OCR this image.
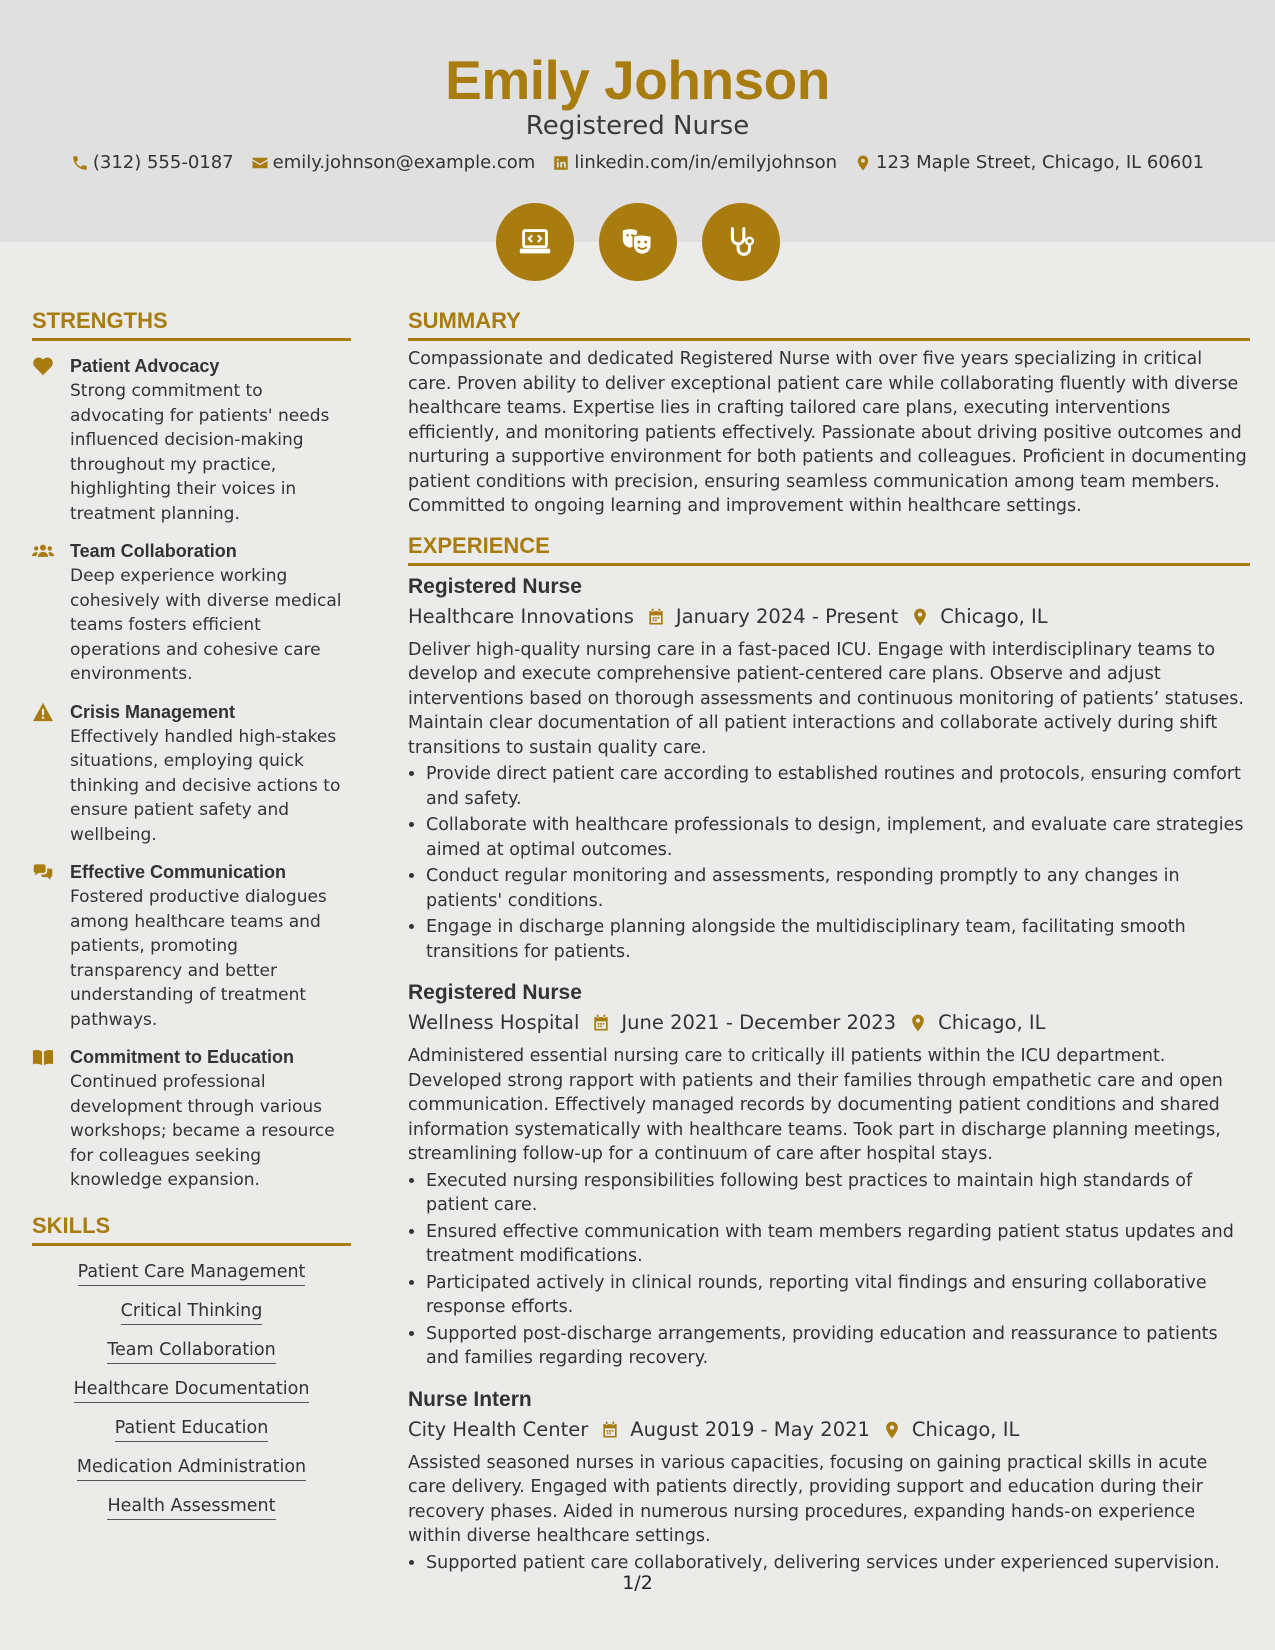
Emily Johnson
Registered Nurse
(312) 555-0187 emily.johnson@example.com linkedin.com/in/emilyjohnson 123 Maple Street, Chicago, IL 60601
STRENGTHS
Patient Advocacy
Strong commitment to advocating for patients' needs influenced decision-making throughout my practice, highlighting their voices in treatment planning.
Team Collaboration
Deep experience working cohesively with diverse medical teams fosters efficient operations and cohesive care environments.
Crisis Management
Effectively handled high-stakes situations, employing quick thinking and decisive actions to ensure patient safety and wellbeing.
Effective Communication
Fostered productive dialogues among healthcare teams and patients, promoting transparency and better understanding of treatment pathways.
Commitment to Education
Continued professional development through various workshops; became a resource for colleagues seeking knowledge expansion.
SKILLS
Patient Care Management
Critical Thinking
Team Collaboration
Healthcare Documentation
Patient Education
Medication Administration
Health Assessment
SUMMARY
Compassionate and dedicated Registered Nurse with over five years specializing in critical care. Proven ability to deliver exceptional patient care while collaborating fluently with diverse healthcare teams. Expertise lies in crafting tailored care plans, executing interventions efficiently, and monitoring patients effectively. Passionate about driving positive outcomes and nurturing a supportive environment for both patients and colleagues. Proficient in documenting patient conditions with precision, ensuring seamless communication among team members. Committed to ongoing learning and improvement within healthcare settings.
EXPERIENCE
Registered Nurse
Healthcare Innovations January 2024 - Present Chicago, IL
Deliver high-quality nursing care in a fast-paced ICU. Engage with interdisciplinary teams to develop and execute comprehensive patient-centered care plans. Observe and adjust interventions based on thorough assessments and continuous monitoring of patients’ statuses. Maintain clear documentation of all patient interactions and collaborate actively during shift transitions to sustain quality care.
• Provide direct patient care according to established routines and protocols, ensuring comfort and safety.
• Collaborate with healthcare professionals to design, implement, and evaluate care strategies aimed at optimal outcomes.
• Conduct regular monitoring and assessments, responding promptly to any changes in patients' conditions.
• Engage in discharge planning alongside the multidisciplinary team, facilitating smooth transitions for patients.
Registered Nurse
Wellness Hospital June 2021 - December 2023 Chicago, IL
Administered essential nursing care to critically ill patients within the ICU department. Developed strong rapport with patients and their families through empathetic care and open communication. Effectively managed records by documenting patient conditions and shared information systematically with healthcare teams. Took part in discharge planning meetings, streamlining follow-up for a continuum of care after hospital stays.
• Executed nursing responsibilities following best practices to maintain high standards of patient care.
• Ensured effective communication with team members regarding patient status updates and treatment modifications.
• Participated actively in clinical rounds, reporting vital findings and ensuring collaborative response efforts.
• Supported post-discharge arrangements, providing education and reassurance to patients and families regarding recovery.
Nurse Intern
City Health Center August 2019 - May 2021 Chicago, IL
Assisted seasoned nurses in various capacities, focusing on gaining practical skills in acute care delivery. Engaged with patients directly, providing support and education during their recovery phases. Aided in numerous nursing procedures, expanding hands-on experience within diverse healthcare settings.
• Supported patient care collaboratively, delivering services under experienced supervision.
1/2
